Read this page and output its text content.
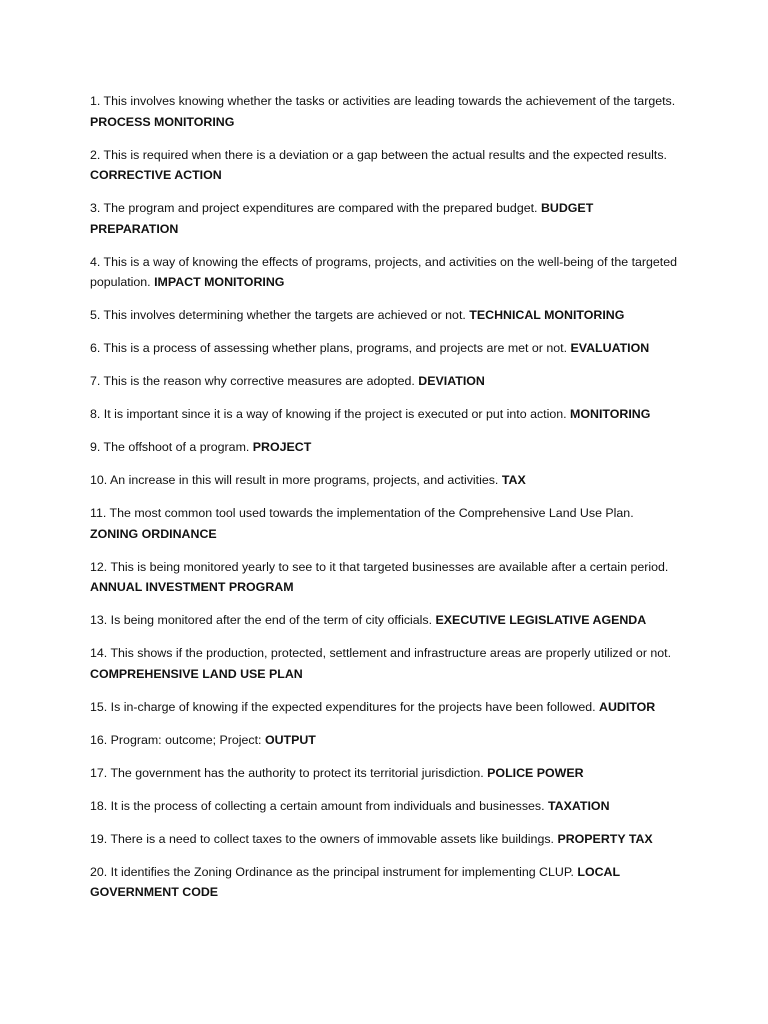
1. This involves knowing whether the tasks or activities are leading towards the achievement of the targets. PROCESS MONITORING

2. This is required when there is a deviation or a gap between the actual results and the expected results. CORRECTIVE ACTION

3. The program and project expenditures are compared with the prepared budget. BUDGET PREPARATION

4. This is a way of knowing the effects of programs, projects, and activities on the well-being of the targeted population. IMPACT MONITORING

5. This involves determining whether the targets are achieved or not. TECHNICAL MONITORING

6. This is a process of assessing whether plans, programs, and projects are met or not. EVALUATION

7. This is the reason why corrective measures are adopted. DEVIATION

8. It is important since it is a way of knowing if the project is executed or put into action. MONITORING

9. The offshoot of a program. PROJECT

10. An increase in this will result in more programs, projects, and activities. TAX

11. The most common tool used towards the implementation of the Comprehensive Land Use Plan. ZONING ORDINANCE

12. This is being monitored yearly to see to it that targeted businesses are available after a certain period. ANNUAL INVESTMENT PROGRAM

13. Is being monitored after the end of the term of city officials. EXECUTIVE LEGISLATIVE AGENDA

14. This shows if the production, protected, settlement and infrastructure areas are properly utilized or not. COMPREHENSIVE LAND USE PLAN

15. Is in-charge of knowing if the expected expenditures for the projects have been followed. AUDITOR

16. Program: outcome; Project: OUTPUT

17. The government has the authority to protect its territorial jurisdiction. POLICE POWER

18. It is the process of collecting a certain amount from individuals and businesses. TAXATION

19. There is a need to collect taxes to the owners of immovable assets like buildings. PROPERTY TAX

20. It identifies the Zoning Ordinance as the principal instrument for implementing CLUP. LOCAL GOVERNMENT CODE
